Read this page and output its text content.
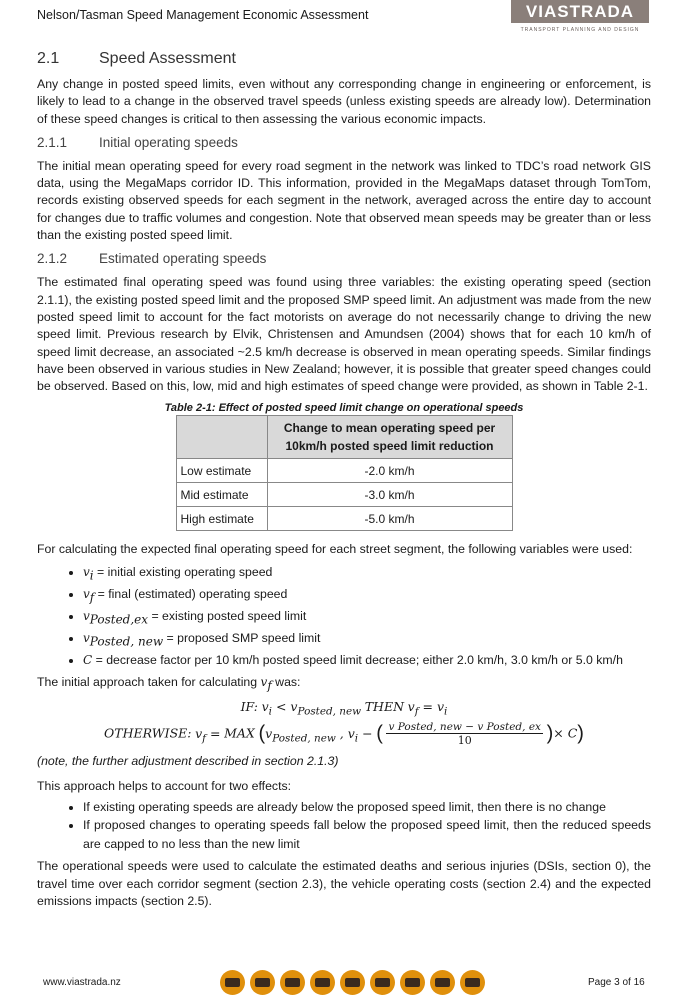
Nelson/Tasman Speed Management Economic Assessment	VIASTRADA
TRANSPORT PLANNING AND DESIGN
2.1 Speed Assessment

Any change in posted speed limits, even without any corresponding change in engineering or enforcement, is likely to lead to a change in the observed travel speeds (unless existing speeds are already low). Determination of these speed changes is critical to then assessing the various economic impacts.

2.1.1 Initial operating speeds

The initial mean operating speed for every road segment in the network was linked to TDC’s road network GIS data, using the MegaMaps corridor ID. This information, provided in the MegaMaps dataset through TomTom, records existing observed speeds for each segment in the network, averaged across the entire day to account for changes due to traffic volumes and congestion. Note that observed mean speeds may be greater than or less than the existing posted speed limit.

2.1.2 Estimated operating speeds

The estimated final operating speed was found using three variables: the existing operating speed (section 2.1.1), the existing posted speed limit and the proposed SMP speed limit. An adjustment was made from the new posted speed limit to account for the fact motorists on average do not necessarily change to driving the new speed limit. Previous research by Elvik, Christensen and Amundsen (2004) shows that for each 10 km/h of speed limit decrease, an associated ~2.5 km/h decrease is observed in mean operating speeds. Similar findings have been observed in various studies in New Zealand; however, it is possible that greater speed changes could be observed. Based on this, low, mid and high estimates of speed change were provided, as shown in Table 2-1.

Table 2-1: Effect of posted speed limit change on operational speeds
	Change to mean operating speed per
10km/h posted speed limit reduction
Low estimate	-2.0 km/h
Mid estimate	-3.0 km/h
High estimate	-5.0 km/h

For calculating the expected final operating speed for each street segment, the following variables were used:

• $v_i$ = initial existing operating speed
• $v_f$ = final (estimated) operating speed
• $v_{Posted,ex}$ = existing posted speed limit
• $v_{Posted, new}$ = proposed SMP speed limit
• C = decrease factor per 10 km/h posted speed limit decrease; either 2.0 km/h, 3.0 km/h or 5.0 km/h

The initial approach taken for calculating $v_f$ was:

IF: $v_i < v_{Posted, new}$ THEN $v_f = v_i$
OTHERWISE: $v_f$ = MAX ($v_{Posted, new}$ , $v_i$ − ( $\frac{\text{v Posted, new − v Posted, ex}}{10}$ )× C)

(note, the further adjustment described in section 2.1.3)

This approach helps to account for two effects:

• If existing operating speeds are already below the proposed speed limit, then there is no change
• If proposed changes to operating speeds fall below the proposed speed limit, then the reduced speeds are capped to no less than the new limit

The operational speeds were used to calculate the estimated deaths and serious injuries (DSIs, section 0), the travel time over each corridor segment (section 2.3), the vehicle operating costs (section 2.4) and the expected emissions impacts (section 2.5).

www.viastrada.nz	Page 3 of 16
